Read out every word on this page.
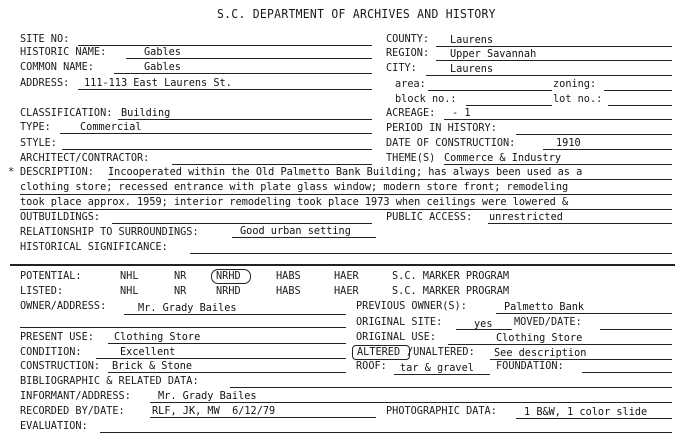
S.C. DEPARTMENT OF ARCHIVES AND HISTORY
SITE NO:
HISTORIC NAME:	Gables
COMMON NAME:	Gables
ADDRESS: 111-113 East Laurens St.
COUNTY: Laurens
REGION: Upper Savannah
CITY:	Laurens
area:	zoning:
block no.:	lot no.:
CLASSIFICATION: Building
TYPE:	Commercial
STYLE:
ARCHITECT/CONTRACTOR:
ACREAGE: - 1
PERIOD IN HISTORY:
DATE OF CONSTRUCTION:	1910
THEME(S) Commerce & Industry
* DESCRIPTION: Incooperated within the Old Palmetto Bank Building; has always been used as a
clothing store; recessed entrance with plate glass window; modern store front; remodeling
took place approx. 1959; interior remodeling took place 1973 when ceilings were lowered &
OUTBUILDINGS:	PUBLIC ACCESS: unrestricted
RELATIONSHIP TO SURROUNDINGS:	Good urban setting
HISTORICAL SIGNIFICANCE:
POTENTIAL:	NHL	NR	NRHD	HABS	HAER	S.C. MARKER PROGRAM
LISTED:	NHL	NR	NRHD	HABS	HAER	S.C. MARKER PROGRAM
OWNER/ADDRESS:	Mr. Grady Bailes
PRESENT USE: Clothing Store
CONDITION:	Excellent
CONSTRUCTION: Brick & Stone
PREVIOUS OWNER(S):	Palmetto Bank
ORIGINAL SITE:	yes MOVED/DATE:
ORIGINAL USE:	Clothing Store
ALTERED /UNALTERED: See description
ROOF: tar & gravel FOUNDATION:
BIBLIOGRAPHIC & RELATED DATA:
INFORMANT/ADDRESS: Mr. Grady Bailes
RECORDED BY/DATE: RLF, JK, MW  6/12/79	PHOTOGRAPHIC DATA: 1 B&W, 1 color slide
EVALUATION:
